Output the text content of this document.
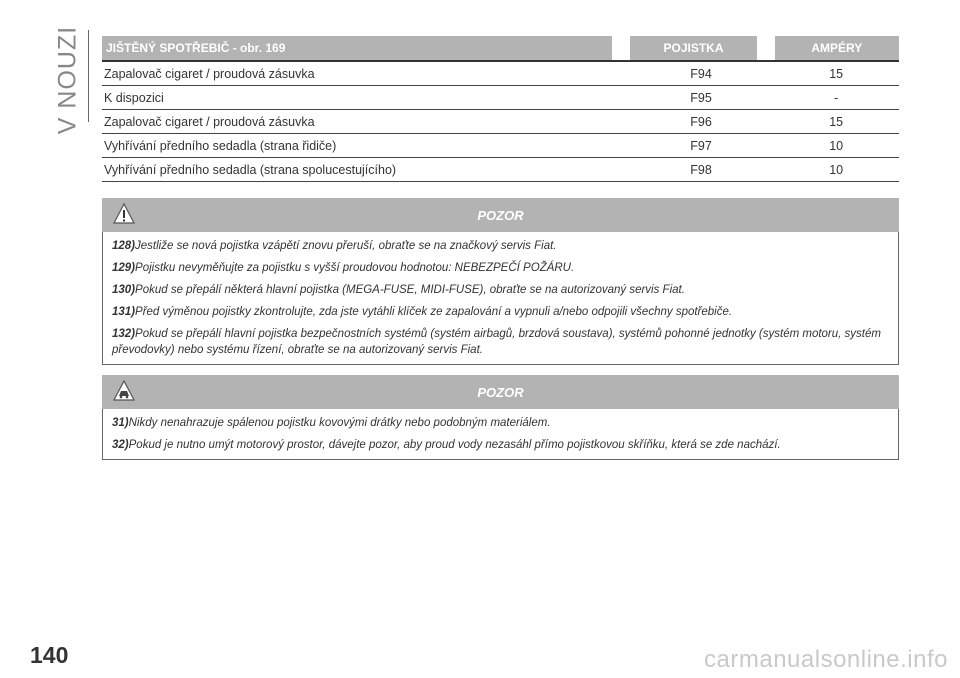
V NOUZI	JIŠTĚNÝ SPOTŘEBIČ - obr. 169	POJISTKA	AMPÉRY
Zapalovač cigaret / proudová zásuvka	F94	15
K dispozici	F95	-
Zapalovač cigaret / proudová zásuvka	F96	15
Vyhřívání předního sedadla (strana řidiče)	F97	10
Vyhřívání předního sedadla (strana spolucestujícího)	F98	10
POZOR

128)Jestliže se nová pojistka vzápětí znovu přeruší, obraťte se na značkový servis Fiat.

129)Pojistku nevyměňujte za pojistku s vyšší proudovou hodnotou: NEBEZPEČÍ POŽÁRU.

130)Pokud se přepálí některá hlavní pojistka (MEGA-FUSE, MIDI-FUSE), obraťte se na autorizovaný servis Fiat.

131)Před výměnou pojistky zkontrolujte, zda jste vytáhli klíček ze zapalování a vypnuli a/nebo odpojili všechny spotřebiče.

132)Pokud se přepálí hlavní pojistka bezpečnostních systémů (systém airbagů, brzdová soustava), systémů pohonné jednotky (systém motoru, systém převodovky) nebo systému řízení, obraťte se na autorizovaný servis Fiat.

POZOR

31)Nikdy nenahrazuje spálenou pojistku kovovými drátky nebo podobným materiálem.

32)Pokud je nutno umýt motorový prostor, dávejte pozor, aby proud vody nezasáhl přímo pojistkovou skříňku, která se zde nachází.

140	carmanualsonline.info
